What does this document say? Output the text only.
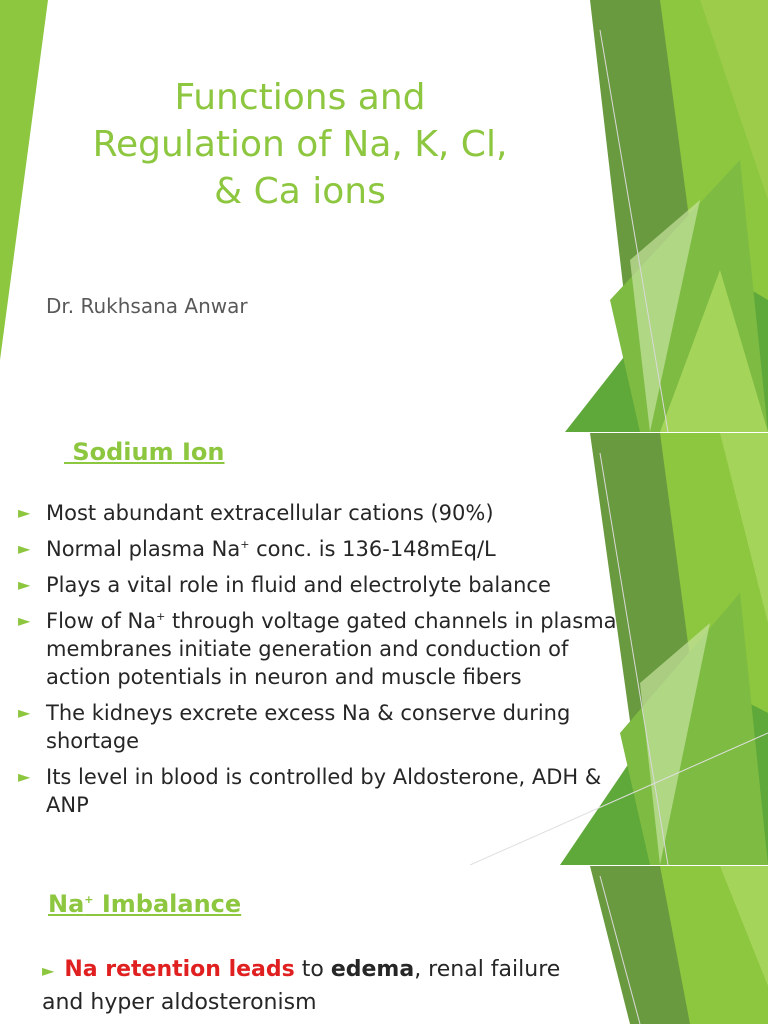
Functions and
Regulation of Na, K, Cl,
& Ca ions
Dr. Rukhsana Anwar
Sodium Ion
► Most abundant extracellular cations (90%)
► Normal plasma Na+ conc. is 136-148mEq/L
► Plays a vital role in fluid and electrolyte balance
► Flow of Na+ through voltage gated channels in plasma membranes initiate generation and conduction of action potentials in neuron and muscle fibers
► The kidneys excrete excess Na & conserve during shortage
► Its level in blood is controlled by Aldosterone, ADH & ANP
Na+ Imbalance
► Na retention leads to edema, renal failure and hyper aldosteronism
